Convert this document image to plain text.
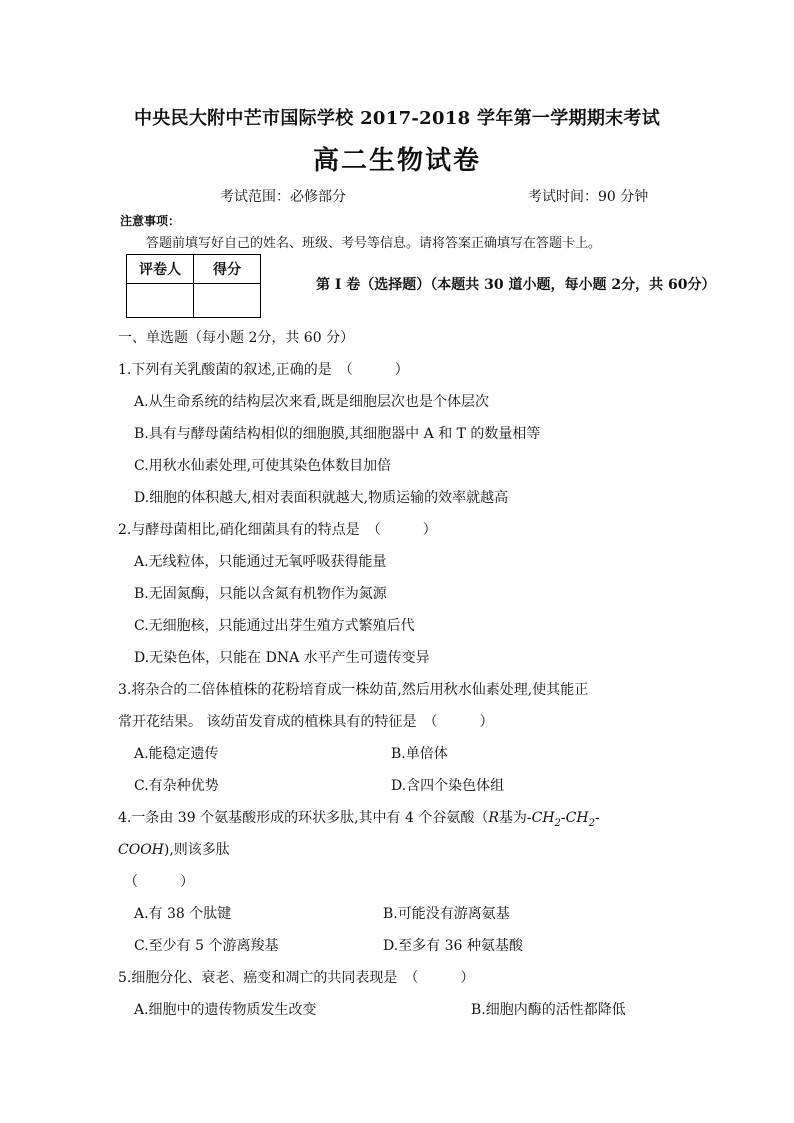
中央民大附中芒市国际学校 2017-2018 学年第一学期期末考试
高二生物试卷
考试范围：必修部分	考试时间：90 分钟
注意事项：
答题前填写好自己的姓名、班级、考号等信息。请将答案正确填写在答题卡上。
评卷人	得分

第 I 卷（选择题）（本题共 30 道小题，每小题 2分，共 60分）
一、单选题（每小题 2分，共 60 分）
1.下列有关乳酸菌的叙述,正确的是　（　　　）
A.从生命系统的结构层次来看,既是细胞层次也是个体层次
B.具有与酵母菌结构相似的细胞膜,其细胞器中 A 和 T 的数量相等
C.用秋水仙素处理,可使其染色体数目加倍
D.细胞的体积越大,相对表面积就越大,物质运输的效率就越高
2.与酵母菌相比,硝化细菌具有的特点是　（　　　）
A.无线粒体，只能通过无氧呼吸获得能量
B.无固氮酶，只能以含氮有机物作为氮源
C.无细胞核，只能通过出芽生殖方式繁殖后代
D.无染色体，只能在 DNA 水平产生可遗传变异
3.将杂合的二倍体植株的花粉培育成一株幼苗,然后用秋水仙素处理,使其能正
常开花结果。 该幼苗发育成的植株具有的特征是　（　　　）
A.能稳定遗传	B.单倍体
C.有杂种优势	D.含四个染色体组
4.一条由 39 个氨基酸形成的环状多肽,其中有 4 个谷氨酸（R基为$-CH_2-CH_2-$
COOH),则该多肽
（　　　）
A.有 38 个肽键	B.可能没有游离氨基
C.至少有 5 个游离羧基	D.至多有 36 种氨基酸
5.细胞分化、衰老、癌变和凋亡的共同表现是　（　　　）
A.细胞中的遗传物质发生改变	B.细胞内酶的活性都降低
